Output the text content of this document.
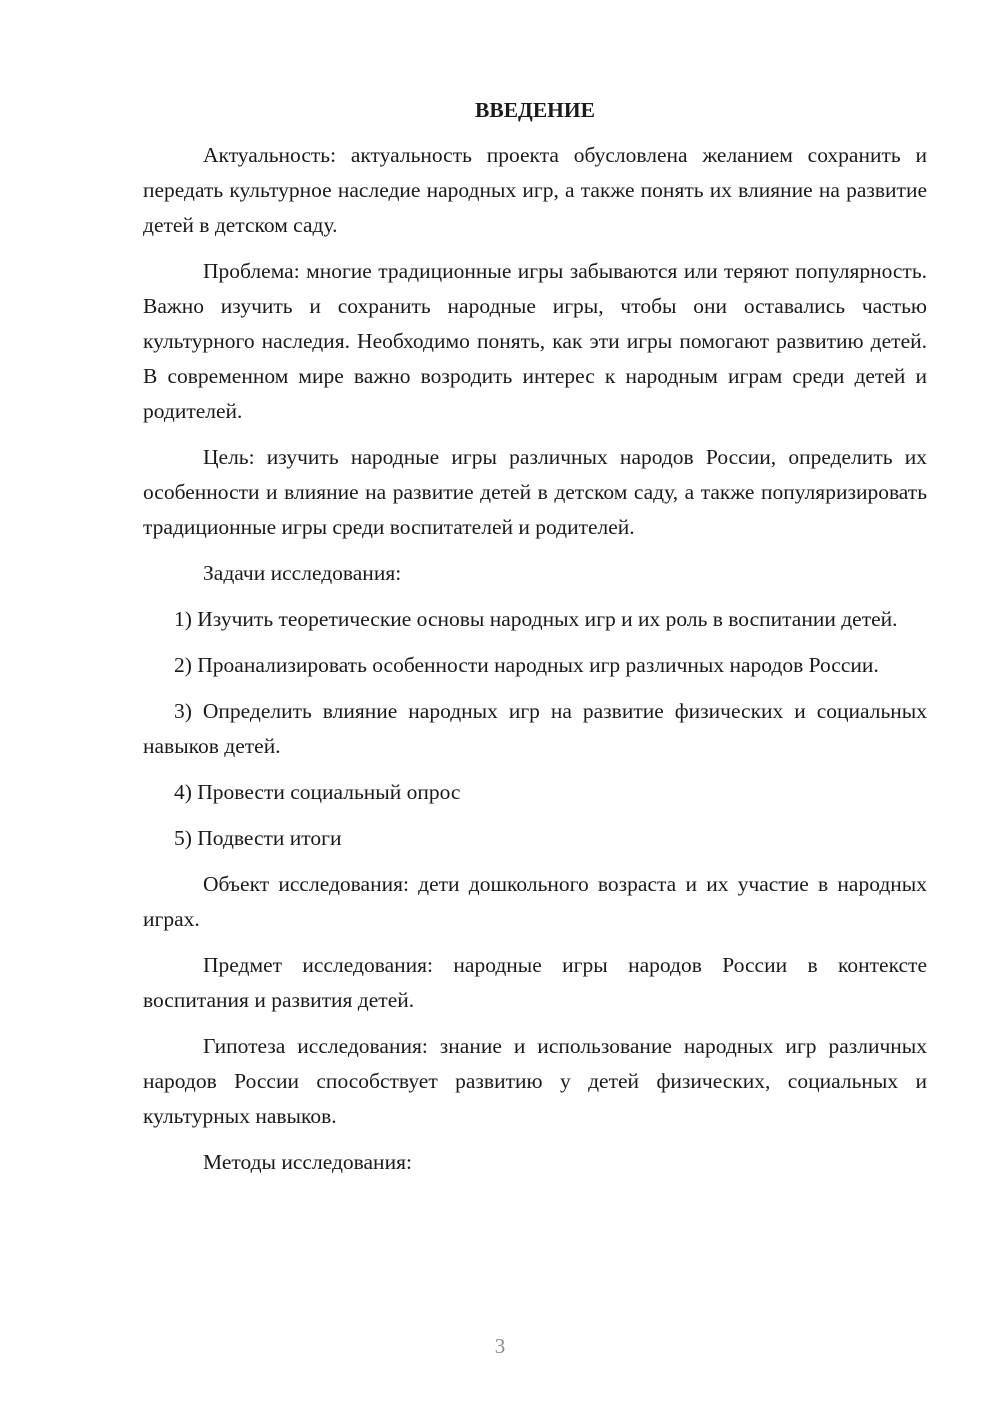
ВВЕДЕНИЕ

Актуальность: актуальность проекта обусловлена желанием сохранить и передать культурное наследие народных игр, а также понять их влияние на развитие детей в детском саду.

Проблема: многие традиционные игры забываются или теряют популярность. Важно изучить и сохранить народные игры, чтобы они оставались частью культурного наследия. Необходимо понять, как эти игры помогают развитию детей. В современном мире важно возродить интерес к народным играм среди детей и родителей.

Цель: изучить народные игры различных народов России, определить их особенности и влияние на развитие детей в детском саду, а также популяризировать традиционные игры среди воспитателей и родителей.

Задачи исследования:

1) Изучить теоретические основы народных игр и их роль в воспитании детей.

2) Проанализировать особенности народных игр различных народов России.

3) Определить влияние народных игр на развитие физических и социальных навыков детей.

4) Провести социальный опрос

5) Подвести итоги

Объект исследования: дети дошкольного возраста и их участие в народных играх.

Предмет исследования: народные игры народов России в контексте воспитания и развития детей.

Гипотеза исследования: знание и использование народных игр различных народов России способствует развитию у детей физических, социальных и культурных навыков.

Методы исследования:

3
